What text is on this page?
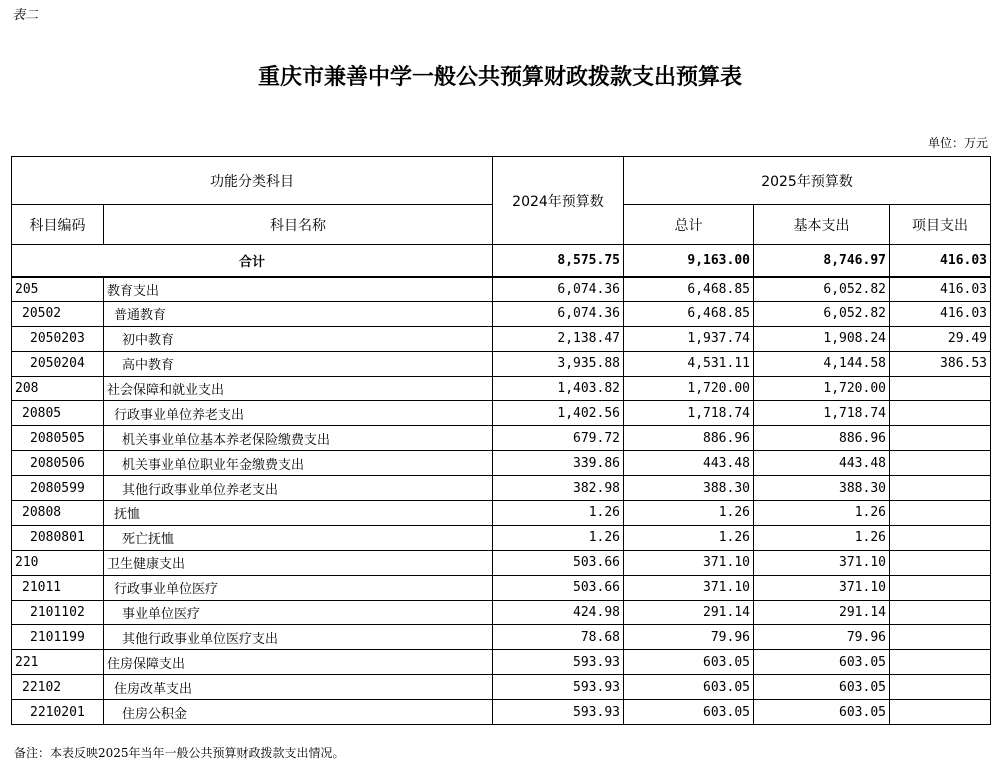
表二
重庆市兼善中学一般公共预算财政拨款支出预算表
单位：万元
功能分类科目		2024年预算数	2025年预算数		
科目编码	科目名称		总计	基本支出	项目支出
合计		8,575.75	9,163.00	8,746.97	416.03
205	教育支出	6,074.36	6,468.85	6,052.82	416.03
20502	普通教育	6,074.36	6,468.85	6,052.82	416.03
2050203	初中教育	2,138.47	1,937.74	1,908.24	29.49
2050204	高中教育	3,935.88	4,531.11	4,144.58	386.53
208	社会保障和就业支出	1,403.82	1,720.00	1,720.00	
20805	行政事业单位养老支出	1,402.56	1,718.74	1,718.74	
2080505	机关事业单位基本养老保险缴费支出	679.72	886.96	886.96	
2080506	机关事业单位职业年金缴费支出	339.86	443.48	443.48	
2080599	其他行政事业单位养老支出	382.98	388.30	388.30	
20808	抚恤	1.26	1.26	1.26	
2080801	死亡抚恤	1.26	1.26	1.26	
210	卫生健康支出	503.66	371.10	371.10	
21011	行政事业单位医疗	503.66	371.10	371.10	
2101102	事业单位医疗	424.98	291.14	291.14	
2101199	其他行政事业单位医疗支出	78.68	79.96	79.96	
221	住房保障支出	593.93	603.05	603.05	
22102	住房改革支出	593.93	603.05	603.05	
2210201	住房公积金	593.93	603.05	603.05	
备注：本表反映2025年当年一般公共预算财政拨款支出情况。
